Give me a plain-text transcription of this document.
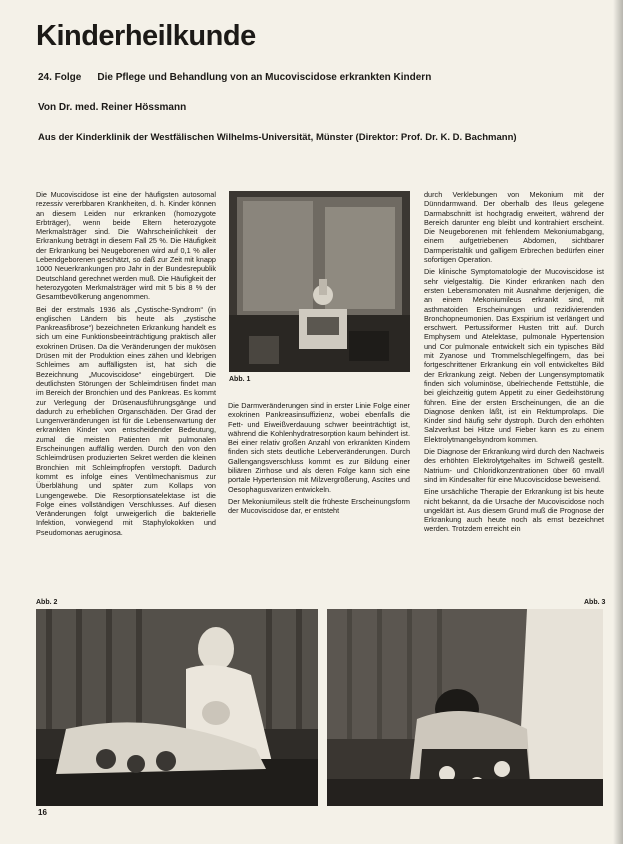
Kinderheilkunde
24. Folge Die Pflege und Behandlung von an Mucoviscidose erkrankten Kindern
Von Dr. med. Reiner Hössmann
Aus der Kinderklinik der Westfälischen Wilhelms-Universität, Münster (Direktor: Prof. Dr. K. D. Bachmann)

Die Mucoviscidose ist eine der häufigsten autosomal rezessiv vererbbaren Krankheiten, d. h. Kinder können an diesem Leiden nur erkranken (homozygote Erbträger), wenn beide Eltern heterozygote Merkmalsträger sind. Die Wahrscheinlichkeit der Erkrankung beträgt in diesem Fall 25 %. Die Häufigkeit der Erkrankung bei Neugeborenen wird auf 0,1 % aller Lebendgeborenen geschätzt, so daß zur Zeit mit knapp 1000 Neuerkrankungen pro Jahr in der Bundesrepublik Deutschland gerechnet werden muß. Die Häufigkeit der heterozygoten Merkmalsträger wird mit 5 bis 8 % der Gesamtbevölkerung angenommen.

Bei der erstmals 1936 als „Cystische-Syndrom“ (in englischen Ländern bis heute als „zystische Pankreasfibrose“) bezeichneten Erkrankung handelt es sich um eine Funktionsbeeinträchtigung praktisch aller exokrinen Drüsen. Da die Veränderungen der mukösen Drüsen mit der Produktion eines zähen und klebrigen Schleimes am auffälligsten ist, hat sich die Bezeichnung „Mucoviscidose“ eingebürgert. Die deutlichsten Störungen der Schleimdrüsen findet man im Bereich der Bronchien und des Pankreas. Es kommt zur Verlegung der Drüsenausführungsgänge und dadurch zu erheblichen Organschäden. Der Grad der Lungenveränderungen ist für die Lebenserwartung der erkrankten Kinder von entscheidender Bedeutung, zumal die meisten Patienten mit pulmonalen Erscheinungen auffällig werden. Durch den von den Schleimdrüsen produzierten Sekret werden die kleinen Bronchien mit Schleimpfropfen verstopft. Dadurch kommt es infolge eines Ventilmechanismus zur Überblähung und später zum Kollaps von Lungengewebe. Die Resorptionsatelektase ist die Folge eines vollständigen Verschlusses. Auf diesen Veränderungen folgt unweigerlich die bakterielle Infektion, vorwiegend mit Staphylokokken und Pseudomonas aeruginosa.

Abb. 1

Die Darmveränderungen sind in erster Linie Folge einer exokrinen Pankreasinsuffizienz, wobei ebenfalls die Fett- und Eiweißverdauung schwer beeinträchtigt ist, während die Kohlenhydratresorption kaum behindert ist. Bei einer relativ großen Anzahl von erkrankten Kindern finden sich stets deutliche Leberveränderungen. Durch Gallengangsverschluss kommt es zur Bildung einer biliären Zirrhose und als deren Folge kann sich eine portale Hypertension mit Milzvergrößerung, Ascites und Oesophagusvarizen entwickeln.

Der Mekoniumileus stellt die früheste Erscheinungsform der Mucoviscidose dar, er entsteht

durch Verklebungen von Mekonium mit der Dünndarmwand. Der oberhalb des Ileus gelegene Darmabschnitt ist hochgradig erweitert, während der Bereich darunter eng bleibt und kontrahiert erscheint. Die Neugeborenen mit fehlendem Mekoniumabgang, einem aufgetriebenen Abdomen, sichtbarer Darmperistaltik und galligem Erbrechen bedürfen einer sofortigen Operation.

Die klinische Symptomatologie der Mucoviscidose ist sehr vielgestaltig. Die Kinder erkranken nach den ersten Lebensmonaten mit Ausnahme derjenigen, die an einem Mekoniumileus erkrankt sind, mit asthmatoiden Erscheinungen und rezidivierenden Bronchopneumonien. Das Exspirium ist verlängert und erschwert. Pertussiformer Husten tritt auf. Durch Emphysem und Atelektase, pulmonale Hypertension und Cor pulmonale entwickelt sich ein typisches Bild mit Zyanose und Trommelschlegelfingern, das bei fortgeschrittener Erkrankung ein voll entwickeltes Bild der Erkrankung zeigt. Neben der Lungensymptomatik finden sich voluminöse, übelriechende Fettstühle, die bei gleichzeitig gutem Appetit zu einer Gedeihstörung führen. Eine der ersten Erscheinungen, die an die Diagnose denken läßt, ist ein Rektumprolaps. Die Kinder sind häufig sehr dystroph. Durch den erhöhten Salzverlust bei Hitze und Fieber kann es zu einem Elektrolytmangelsyndrom kommen.

Die Diagnose der Erkrankung wird durch den Nachweis des erhöhten Elektrolytgehaltes im Schweiß gestellt. Natrium- und Chloridkonzentrationen über 60 mval/l sind im Kindesalter für eine Mucoviscidose beweisend.

Eine ursächliche Therapie der Erkrankung ist bis heute nicht bekannt, da die Ursache der Mucoviscidose noch ungeklärt ist. Aus diesem Grund muß die Prognose der Erkrankung auch heute noch als ernst bezeichnet werden. Trotzdem erreicht ein

Abb. 2	Abb. 3
16
